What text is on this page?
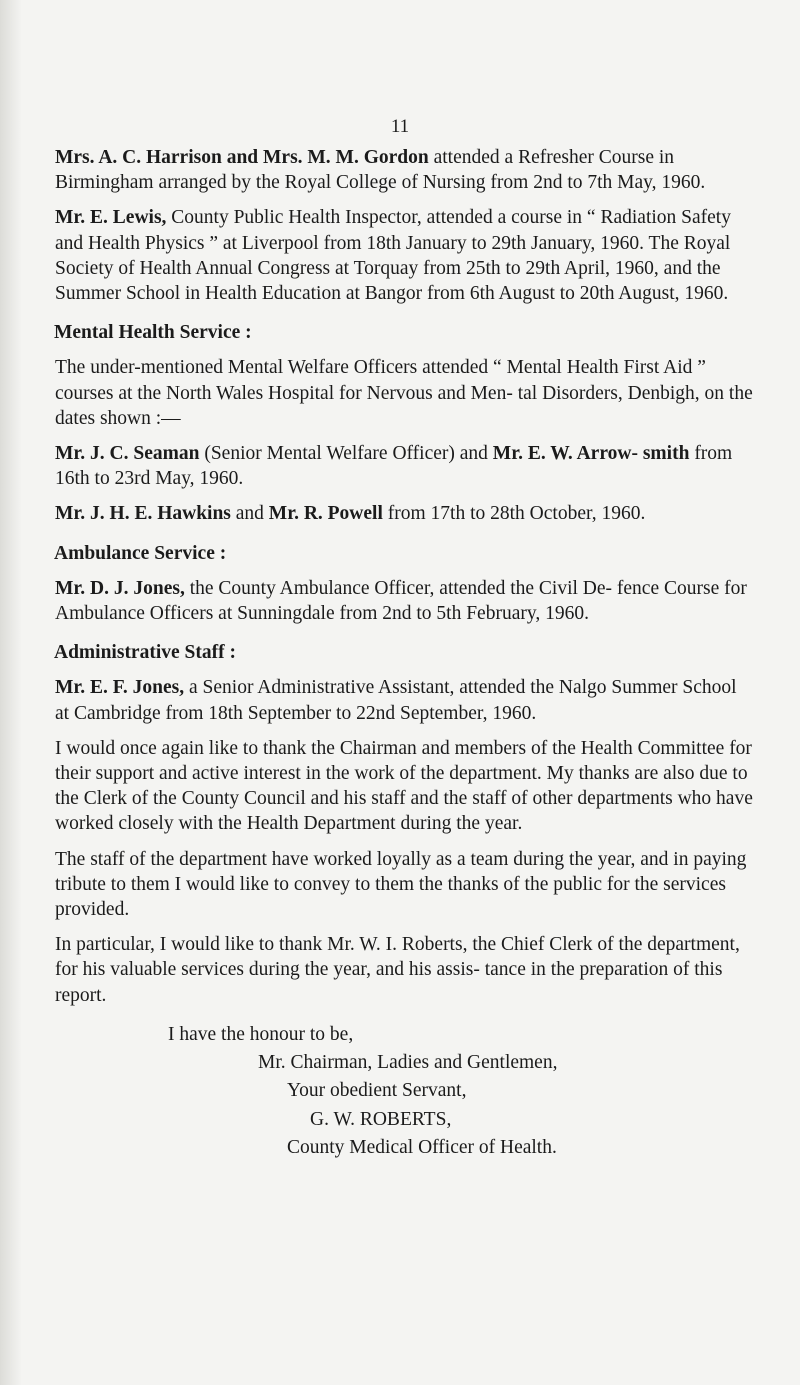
11

Mrs. A. C. Harrison and Mrs. M. M. Gordon attended a Refresher Course in Birmingham arranged by the Royal College of Nursing from 2nd to 7th May, 1960.

Mr. E. Lewis, County Public Health Inspector, attended a course in “ Radiation Safety and Health Physics ” at Liverpool from 18th January to 29th January, 1960. The Royal Society of Health Annual Congress at Torquay from 25th to 29th April, 1960, and the Summer School in Health Education at Bangor from 6th August to 20th August, 1960.

Mental Health Service :

The under-mentioned Mental Welfare Officers attended “ Mental Health First Aid ” courses at the North Wales Hospital for Nervous and Men- tal Disorders, Denbigh, on the dates shown :—

Mr. J. C. Seaman (Senior Mental Welfare Officer) and Mr. E. W. Arrow- smith from 16th to 23rd May, 1960.

Mr. J. H. E. Hawkins and Mr. R. Powell from 17th to 28th October, 1960.

Ambulance Service :

Mr. D. J. Jones, the County Ambulance Officer, attended the Civil De- fence Course for Ambulance Officers at Sunningdale from 2nd to 5th February, 1960.

Administrative Staff :

Mr. E. F. Jones, a Senior Administrative Assistant, attended the Nalgo Summer School at Cambridge from 18th September to 22nd September, 1960.

I would once again like to thank the Chairman and members of the Health Committee for their support and active interest in the work of the department. My thanks are also due to the Clerk of the County Council and his staff and the staff of other departments who have worked closely with the Health Department during the year.

The staff of the department have worked loyally as a team during the year, and in paying tribute to them I would like to convey to them the thanks of the public for the services provided.

In particular, I would like to thank Mr. W. I. Roberts, the Chief Clerk of the department, for his valuable services during the year, and his assis- tance in the preparation of this report.

I have the honour to be,

Mr. Chairman, Ladies and Gentlemen,

Your obedient Servant,

G. W. ROBERTS,

County Medical Officer of Health.
